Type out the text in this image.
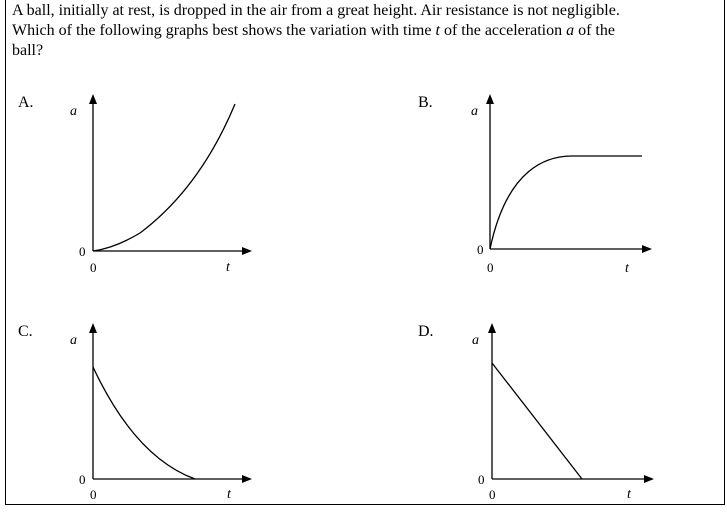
A ball, initially at rest, is dropped in the air from a great height. Air resistance is not negligible.
Which of the following graphs best shows the variation with time t of the acceleration a of the
ball?
A.
a
t
0
0
B.
a
t
0
0
C.
a
t
0
0
D.
a
t
0
0
